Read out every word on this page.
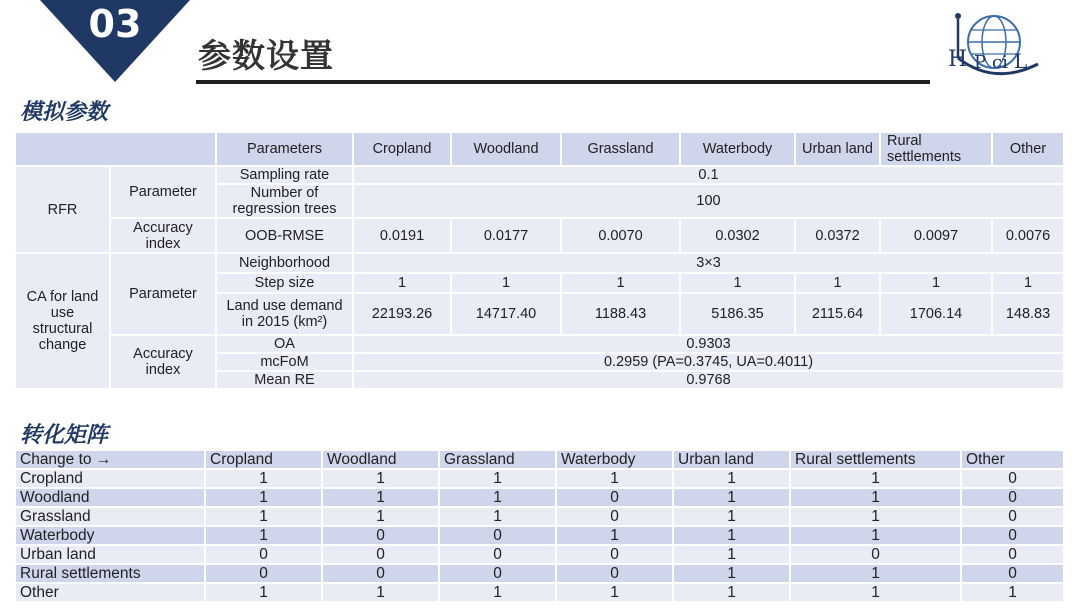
03
参数设置	H P ci L
模拟参数
		Parameters	Cropland	Woodland	Grassland	Waterbody	Urban land	Rural settlements	Other
RFR	Parameter	Sampling rate	0.1						
		Number of regression trees	100						
	Accuracy index	OOB-RMSE	0.0191	0.0177	0.0070	0.0302	0.0372	0.0097	0.0076
CA for land use structural change	Parameter	Neighborhood	3×3						
		Step size	1	1	1	1	1	1	1
		Land use demand in 2015 (km²)	22193.26	14717.40	1188.43	5186.35	2115.64	1706.14	148.83
	Accuracy index	OA	0.9303						
		mcFoM	0.2959 (PA=0.3745, UA=0.4011)						
		Mean RE	0.9768						
转化矩阵
Change to →	Cropland	Woodland	Grassland	Waterbody	Urban land	Rural settlements	Other
Cropland	1	1	1	1	1	1	0
Woodland	1	1	1	0	1	1	0
Grassland	1	1	1	0	1	1	0
Waterbody	1	0	0	1	1	1	0
Urban land	0	0	0	0	1	0	0
Rural settlements	0	0	0	0	1	1	0
Other	1	1	1	1	1	1	1
